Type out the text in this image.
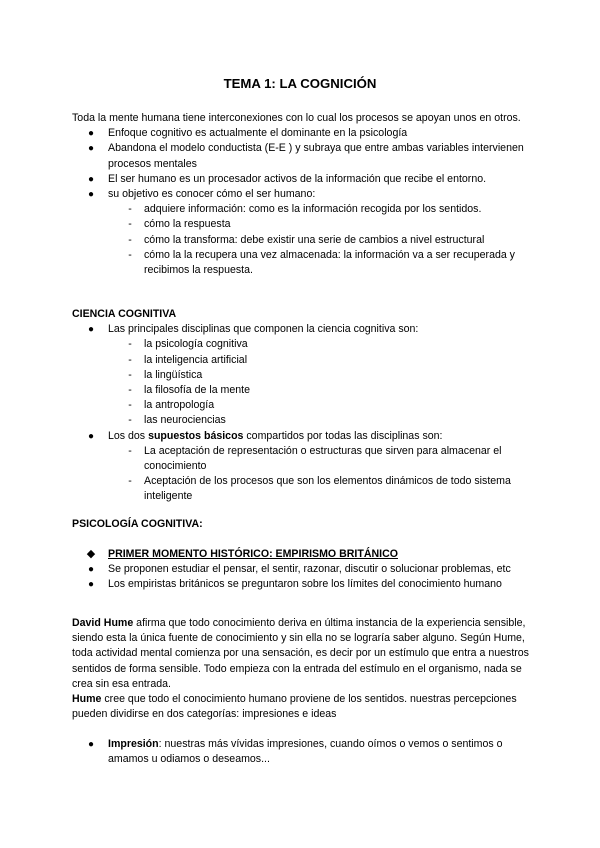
TEMA 1: LA COGNICIÓN

Toda la mente humana tiene interconexiones con lo cual los procesos se apoyan unos en otros.

● Enfoque cognitivo es actualmente el dominante en la psicología
● Abandona el modelo conductista (E-E ) y subraya que entre ambas variables intervienen procesos mentales
● El ser humano es un procesador activos de la información que recibe el entorno.
● su objetivo es conocer cómo el ser humano:
- adquiere información: como es la información recogida por los sentidos.
- cómo la respuesta
- cómo la transforma: debe existir una serie de cambios a nivel estructural
- cómo la la recupera una vez almacenada: la información va a ser recuperada y recibimos la respuesta.

CIENCIA COGNITIVA

● Las principales disciplinas que componen la ciencia cognitiva son:
- la psicología cognitiva
- la inteligencia artificial
- la lingüística
- la filosofía de la mente
- la antropología
- las neurociencias
● Los dos supuestos básicos compartidos por todas las disciplinas son:
- La aceptación de representación o estructuras que sirven para almacenar el conocimiento
- Aceptación de los procesos que son los elementos dinámicos de todo sistema inteligente

PSICOLOGÍA COGNITIVA:

◆ PRIMER MOMENTO HISTÓRICO: EMPIRISMO BRITÁNICO
● Se proponen estudiar el pensar, el sentir, razonar, discutir o solucionar problemas, etc
● Los empiristas británicos se preguntaron sobre los límites del conocimiento humano

David Hume afirma que todo conocimiento deriva en última instancia de la experiencia sensible, siendo esta la única fuente de conocimiento y sin ella no se lograría saber alguno. Según Hume, toda actividad mental comienza por una sensación, es decir por un estímulo que entra a nuestros sentidos de forma sensible. Todo empieza con la entrada del estímulo en el organismo, nada se crea sin esa entrada.

Hume cree que todo el conocimiento humano proviene de los sentidos. nuestras percepciones pueden dividirse en dos categorías: impresiones e ideas

● Impresión: nuestras más vívidas impresiones, cuando oímos o vemos o sentimos o amamos u odiamos o deseamos...
